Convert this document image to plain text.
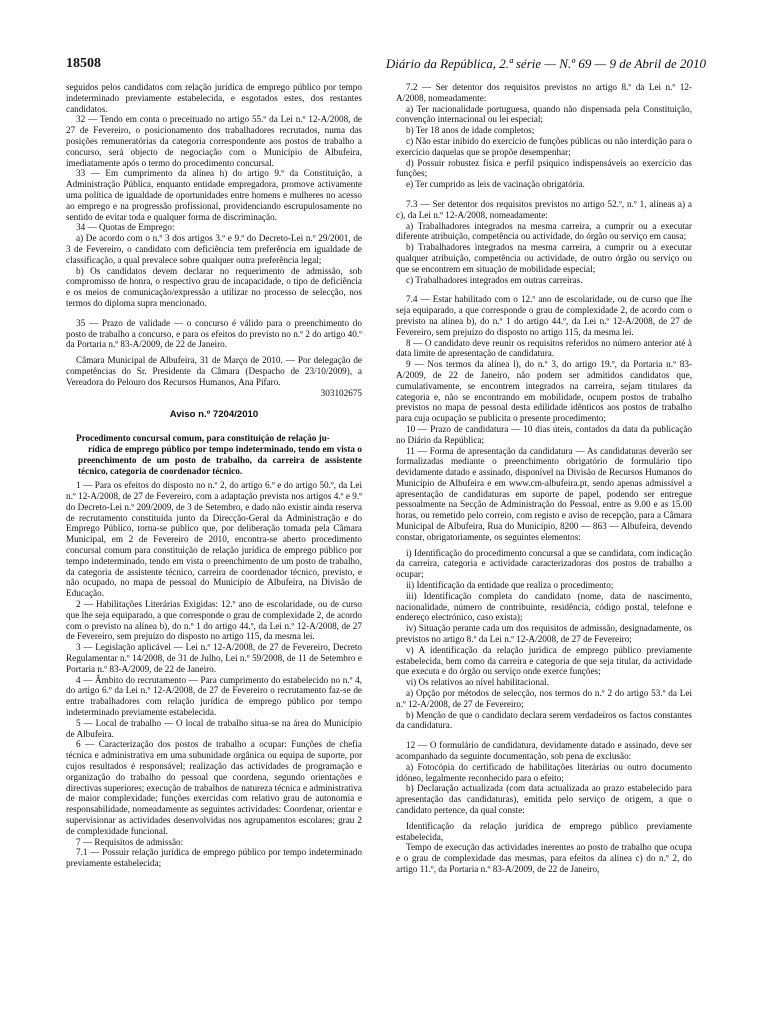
18508	Diário da República, 2.ª série — N.º 69 — 9 de Abril de 2010

seguidos pelos candidatos com relação jurídica de emprego público por tempo indeterminado previamente estabelecida, e esgotados estes, dos restantes candidatos.

32 — Tendo em conta o preceituado no artigo 55.º da Lei n.º 12-A/2008, de 27 de Fevereiro, o posicionamento dos trabalhadores recrutados, numa das posições remuneratórias da categoria correspondente aos postos de trabalho a concurso, será objecto de negociação com o Município de Albufeira, imediatamente após o termo do procedimento concursal.

33 — Em cumprimento da alínea h) do artigo 9.º da Constituição, a Administração Pública, enquanto entidade empregadora, promove activamente uma política de igualdade de oportunidades entre homens e mulheres no acesso ao emprego e na progressão profissional, providenciando escrupulosamente no sentido de evitar toda e qualquer forma de discriminação.

34 — Quotas de Emprego:

a) De acordo com o n.º 3 dos artigos 3.º e 9.º do Decreto-Lei n.º 29/2001, de 3 de Fevereiro, o candidato com deficiência tem preferência em igualdade de classificação, a qual prevalece sobre qualquer outra preferência legal;

b) Os candidatos devem declarar no requerimento de admissão, sob compromisso de honra, o respectivo grau de incapacidade, o tipo de deficiência e os meios de comunicação/expressão a utilizar no processo de selecção, nos termos do diploma supra mencionado.

35 — Prazo de validade — o concurso é válido para o preenchimento do posto de trabalho a concurso, e para os efeitos do previsto no n.º 2 do artigo 40.º da Portaria n.º 83-A/2009, de 22 de Janeiro.

Câmara Municipal de Albufeira, 31 de Março de 2010. — Por delegação de competências do Sr. Presidente da Câmara (Despacho de 23/10/2009), a Vereadora do Pelouro dos Recursos Humanos, Ana Pífaro.
303102675

Aviso n.º 7204/2010

Procedimento concursal comum, para constituição de relação ju-
rídica de emprego público por tempo indeterminado, tendo em vista o preenchimento de um posto de trabalho, da carreira de assistente técnico, categoria de coordenador técnico.

1 — Para os efeitos do disposto no n.º 2, do artigo 6.º e do artigo 50.º, da Lei n.º 12-A/2008, de 27 de Fevereiro, com a adaptação prevista nos artigos 4.º e 9.º do Decreto-Lei n.º 209/2009, de 3 de Setembro, e dado não existir ainda reserva de recrutamento constituída junto da Direcção-Geral da Administração e do Emprego Público, torna-se público que, por deliberação tomada pela Câmara Municipal, em 2 de Fevereiro de 2010, encontra-se aberto procedimento concursal comum para constituição de relação jurídica de emprego público por tempo indeterminado, tendo em vista o preenchimento de um posto de trabalho, da categoria de assistente técnico, carreira de coordenador técnico, previsto, e não ocupado, no mapa de pessoal do Município de Albufeira, na Divisão de Educação.

2 — Habilitações Literárias Exigidas: 12.º ano de escolaridade, ou de curso que lhe seja equiparado, a que corresponde o grau de complexidade 2, de acordo com o previsto na alínea b), do n.º 1 do artigo 44.º, da Lei n.º 12-A/2008, de 27 de Fevereiro, sem prejuízo do disposto no artigo 115, da mesma lei.

3 — Legislação aplicável — Lei n.º 12-A/2008, de 27 de Fevereiro, Decreto Regulamentar n.º 14/2008, de 31 de Julho, Lei n.º 59/2008, de 11 de Setembro e Portaria n.º 83-A/2009, de 22 de Janeiro.

4 — Âmbito do recrutamento — Para cumprimento do estabelecido no n.º 4, do artigo 6.º da Lei n.º 12-A/2008, de 27 de Fevereiro o recrutamento faz-se de entre trabalhadores com relação jurídica de emprego público por tempo indeterminado previamente estabelecida.

5 — Local de trabalho — O local de trabalho situa-se na área do Município de Albufeira.

6 — Caracterização dos postos de trabalho a ocupar: Funções de chefia técnica e administrativa em uma subunidade orgânica ou equipa de suporte, por cujos resultados é responsável; realização das actividades de programação e organização do trabalho do pessoal que coordena, segundo orientações e directivas superiores; execução de trabalhos de natureza técnica e administrativa de maior complexidade; funções exercidas com relativo grau de autonomia e responsabilidade, nomeadamente as seguintes actividades: Coordenar, orientar e supervisionar as actividades desenvolvidas nos agrupamentos escolares; grau 2 de complexidade funcional.

7 — Requisitos de admissão:

7.1 — Possuir relação jurídica de emprego público por tempo indeterminado previamente estabelecida;

7.2 — Ser detentor dos requisitos previstos no artigo 8.º da Lei n.º 12-A/2008, nomeadamente:

a) Ter nacionalidade portuguesa, quando não dispensada pela Constituição, convenção internacional ou lei especial;

b) Ter 18 anos de idade completos;

c) Não estar inibido do exercício de funções públicas ou não interdição para o exercício daquelas que se propõe desempenhar;

d) Possuir robustez física e perfil psíquico indispensáveis ao exercício das funções;

e) Ter cumprido as leis de vacinação obrigatória.

7.3 — Ser detentor dos requisitos previstos no artigo 52.º, n.º 1, alíneas a) a c), da Lei n.º 12-A/2008, nomeadamente:

a) Trabalhadores integrados na mesma carreira, a cumprir ou a executar diferente atribuição, competência ou actividade, do órgão ou serviço em causa;

b) Trabalhadores integrados na mesma carreira, a cumprir ou a executar qualquer atribuição, competência ou actividade, de outro órgão ou serviço ou que se encontrem em situação de mobilidade especial;

c) Trabalhadores integrados em outras carreiras.

7.4 — Estar habilitado com o 12.º ano de escolaridade, ou de curso que lhe seja equiparado, a que corresponde o grau de complexidade 2, de acordo com o previsto na alínea b), do n.º 1 do artigo 44.º, da Lei n.º 12-A/2008, de 27 de Fevereiro, sem prejuízo do disposto no artigo 115, da mesma lei.

8 — O candidato deve reunir os requisitos referidos no número anterior até à data limite de apresentação de candidatura.

9 — Nos termos da alínea l), do n.º 3, do artigo 19.º, da Portaria n.º 83-A/2009, de 22 de Janeiro, não podem ser admitidos candidatos que, cumulativamente, se encontrem integrados na carreira, sejam titulares da categoria e, não se encontrando em mobilidade, ocupem postos de trabalho previstos no mapa de pessoal desta edilidade idênticos aos postos de trabalho para cuja ocupação se publicita o presente procedimento;

10 — Prazo de candidatura — 10 dias úteis, contados da data da publicação no Diário da República;

11 — Forma de apresentação da candidatura — As candidaturas deverão ser formalizadas mediante o preenchimento obrigatório de formulário tipo devidamente datado e assinado, disponível na Divisão de Recursos Humanos do Município de Albufeira e em www.cm-albufeira.pt, sendo apenas admissível a apresentação de candidaturas em suporte de papel, podendo ser entregue pessoalmente na Secção de Administração do Pessoal, entre as 9.00 e as 15.00 horas, ou remetido pelo correio, com registo e aviso de recepção, para a Câmara Municipal de Albufeira, Rua do Município, 8200 — 863 — Albufeira, devendo constar, obrigatoriamente, os seguintes elementos:

i) Identificação do procedimento concursal a que se candidata, com indicação da carreira, categoria e actividade caracterizadoras dos postos de trabalho a ocupar;

ii) Identificação da entidade que realiza o procedimento;

iii) Identificação completa do candidato (nome, data de nascimento, nacionalidade, número de contribuinte, residência, código postal, telefone e endereço electrónico, caso exista);

iv) Situação perante cada um dos requisitos de admissão, designadamente, os previstos no artigo 8.º da Lei n.º 12-A/2008, de 27 de Fevereiro;

v) A identificação da relação jurídica de emprego público previamente estabelecida, bem como da carreira e categoria de que seja titular, da actividade que executa e do órgão ou serviço onde exerce funções;

vi) Os relativos ao nível habilitacional.

a) Opção por métodos de selecção, nos termos do n.º 2 do artigo 53.º da Lei n.º 12-A/2008, de 27 de Fevereiro;

b) Menção de que o candidato declara serem verdadeiros os factos constantes da candidatura.

12 — O formulário de candidatura, devidamente datado e assinado, deve ser acompanhado da seguinte documentação, sob pena de exclusão:

a) Fotocópia do certificado de habilitações literárias ou outro documento idóneo, legalmente reconhecido para o efeito;

b) Declaração actualizada (com data actualizada ao prazo estabelecido para apresentação das candidaturas), emitida pelo serviço de origem, a que o candidato pertence, da qual conste:

Identificação da relação jurídica de emprego público previamente estabelecida,

Tempo de execução das actividades inerentes ao posto de trabalho que ocupa e o grau de complexidade das mesmas, para efeitos da alínea c) do n.º 2, do artigo 11.º, da Portaria n.º 83-A/2009, de 22 de Janeiro,
